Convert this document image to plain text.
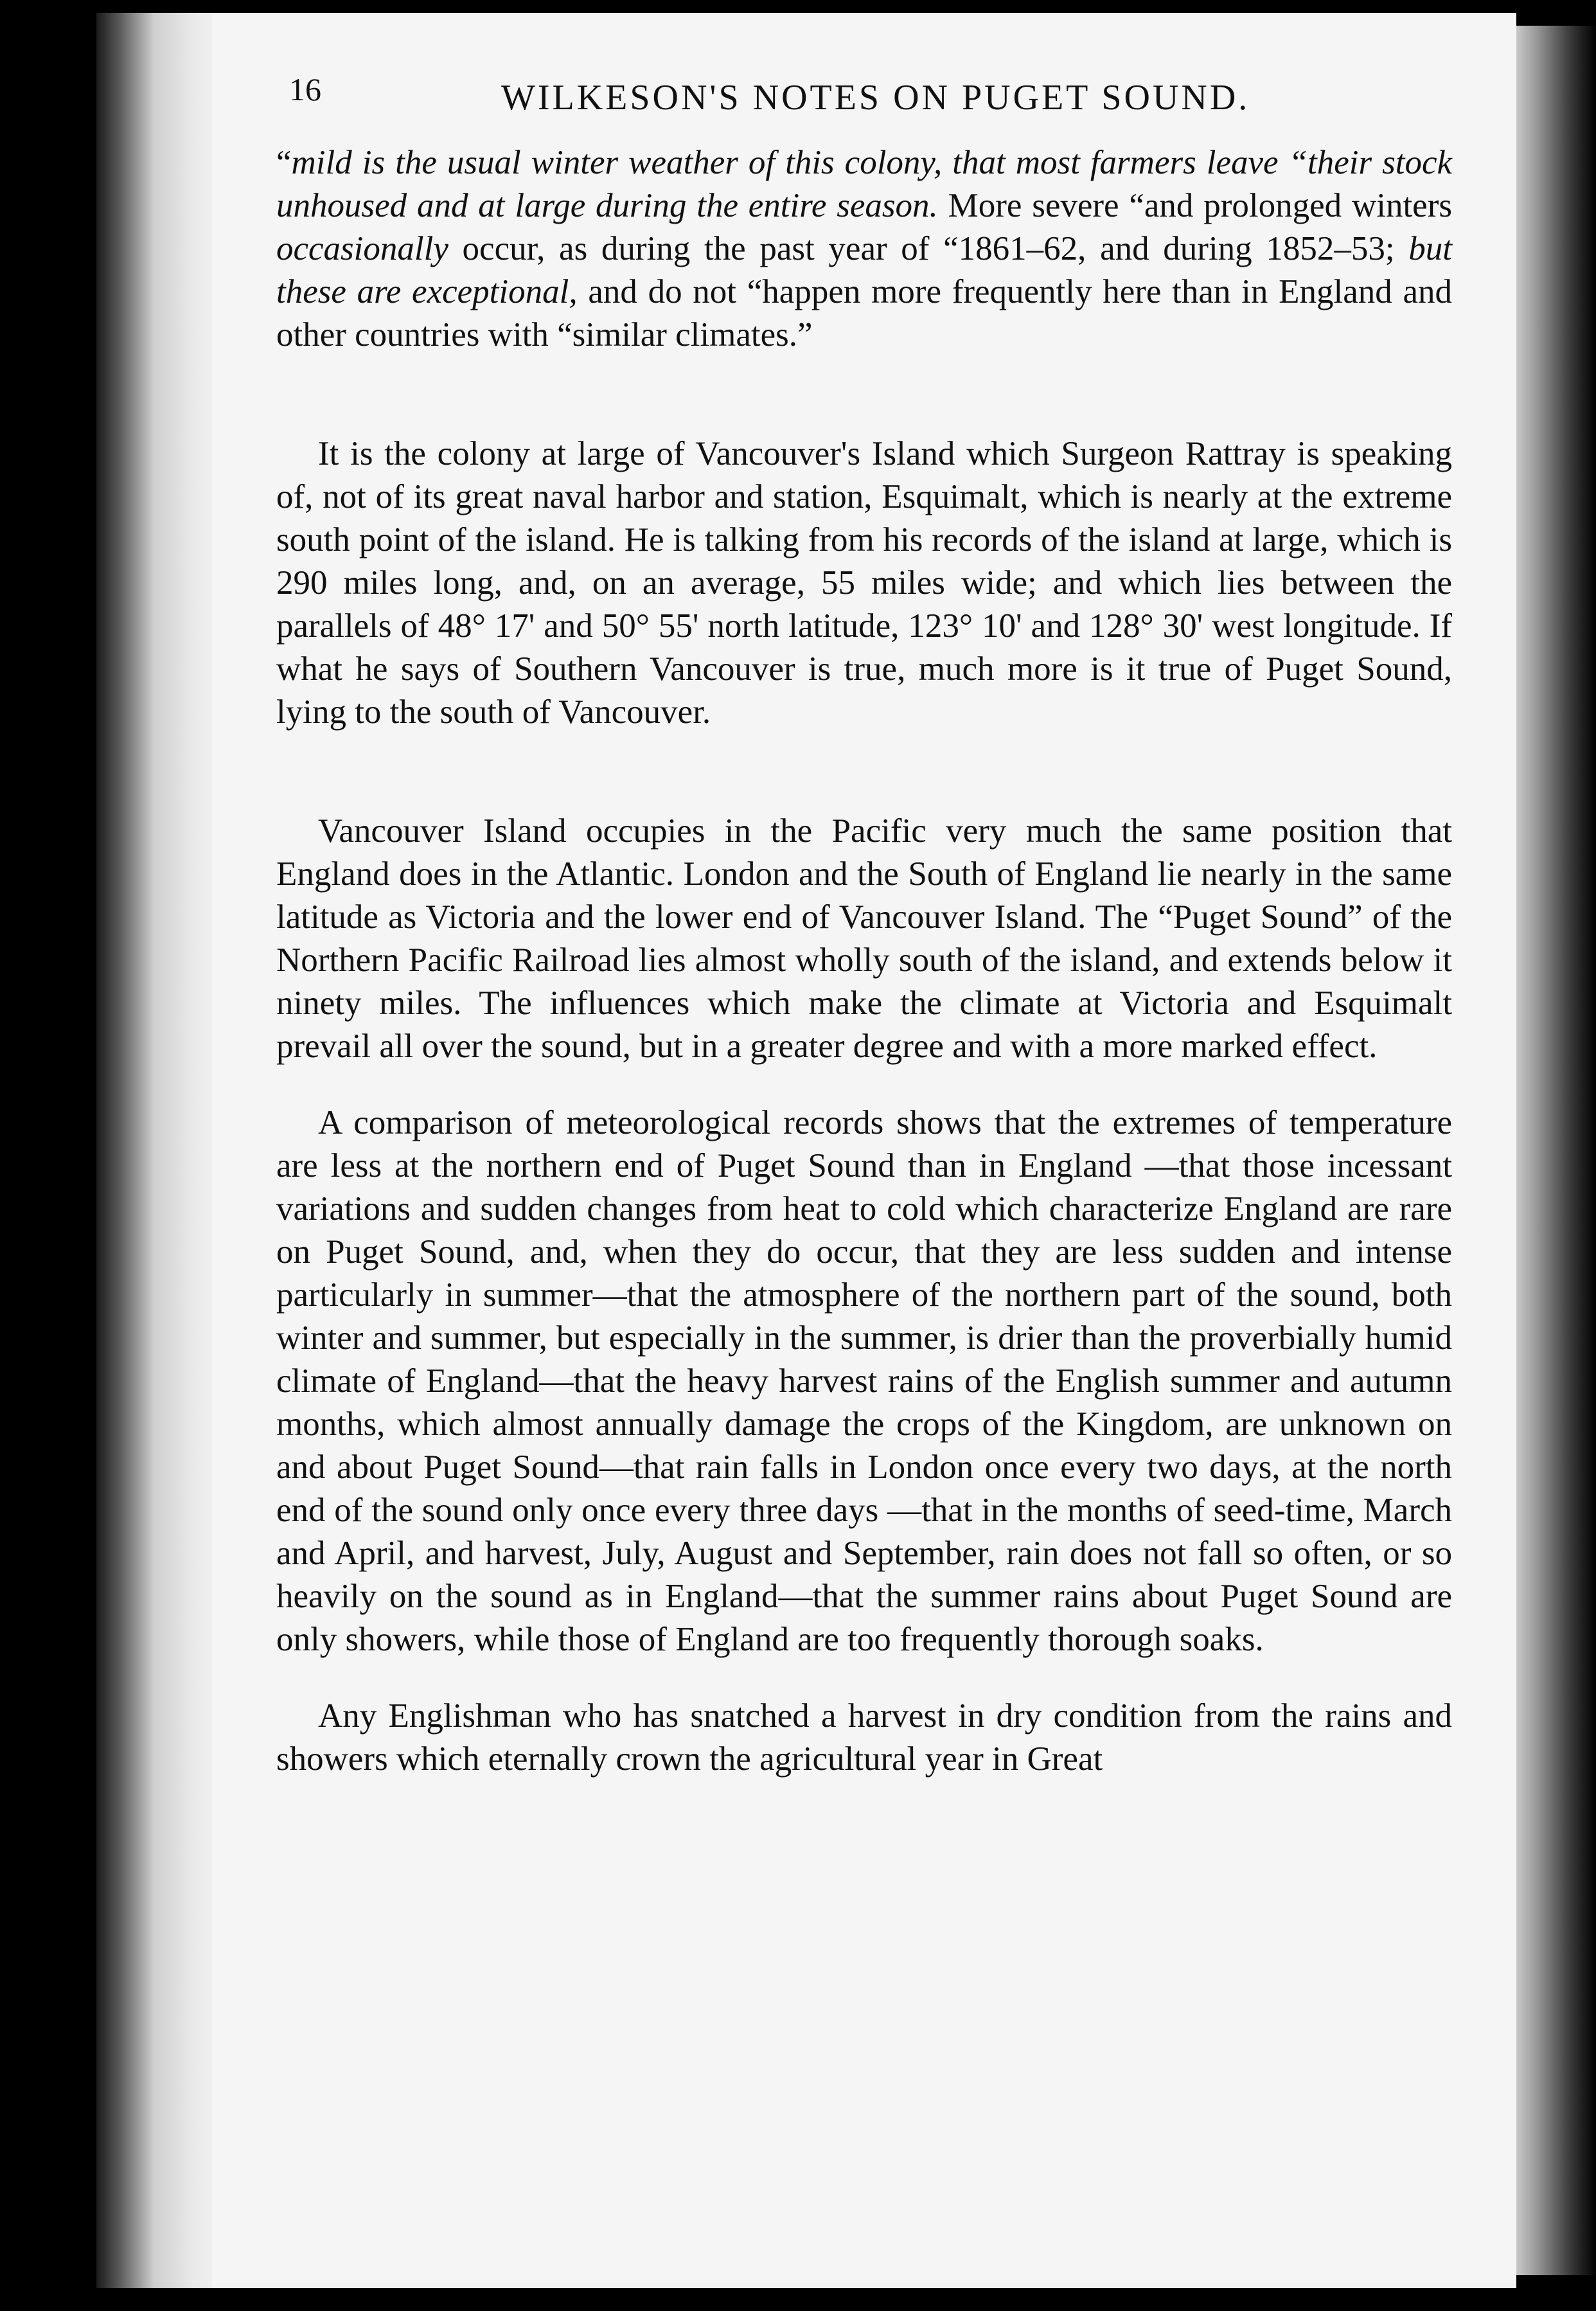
16	WILKESON'S NOTES ON PUGET SOUND.

“mild is the usual winter weather of this colony, that most farmers leave “their stock unhoused and at large during the entire season. More severe “and prolonged winters occasionally occur, as during the past year of “1861–62, and during 1852–53; but these are exceptional, and do not “happen more frequently here than in England and other countries with “similar climates.”

It is the colony at large of Vancouver's Island which Surgeon Rattray is speaking of, not of its great naval harbor and station, Esquimalt, which is nearly at the extreme south point of the island. He is talking from his records of the island at large, which is 290 miles long, and, on an average, 55 miles wide; and which lies between the parallels of 48° 17' and 50° 55' north latitude, 123° 10' and 128° 30' west longitude. If what he says of Southern Vancouver is true, much more is it true of Puget Sound, lying to the south of Vancouver.

Vancouver Island occupies in the Pacific very much the same position that England does in the Atlantic. London and the South of England lie nearly in the same latitude as Victoria and the lower end of Vancouver Island. The “Puget Sound” of the Northern Pacific Railroad lies almost wholly south of the island, and extends below it ninety miles. The influences which make the climate at Victoria and Esquimalt prevail all over the sound, but in a greater degree and with a more marked effect.

A comparison of meteorological records shows that the extremes of temperature are less at the northern end of Puget Sound than in England —that those incessant variations and sudden changes from heat to cold which characterize England are rare on Puget Sound, and, when they do occur, that they are less sudden and intense particularly in summer—that the atmosphere of the northern part of the sound, both winter and summer, but especially in the summer, is drier than the proverbially humid climate of England—that the heavy harvest rains of the English summer and autumn months, which almost annually damage the crops of the Kingdom, are unknown on and about Puget Sound—that rain falls in London once every two days, at the north end of the sound only once every three days —that in the months of seed-time, March and April, and harvest, July, August and September, rain does not fall so often, or so heavily on the sound as in England—that the summer rains about Puget Sound are only showers, while those of England are too frequently thorough soaks.

Any Englishman who has snatched a harvest in dry condition from the rains and showers which eternally crown the agricultural year in Great
